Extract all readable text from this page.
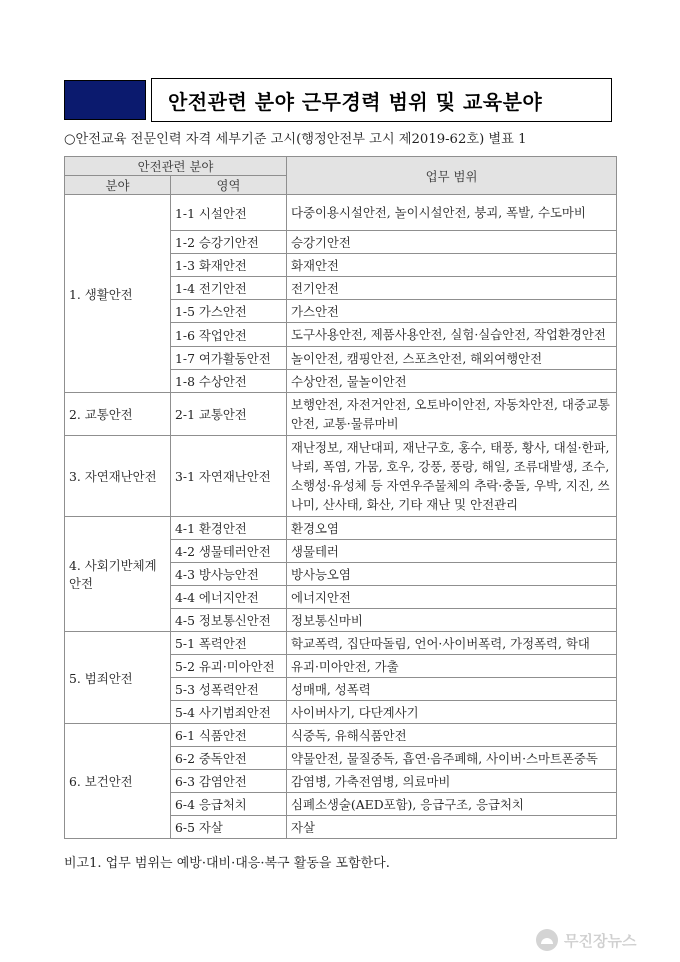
안전관련 분야 근무경력 범위 및 교육분야
○안전교육 전문인력 자격 세부기준 고시(행정안전부 고시 제2019-62호) 별표 1
안전관련 분야		업무 범위
분야	영역	
1. 생활안전	1-1 시설안전	다중이용시설안전, 놀이시설안전, 붕괴, 폭발, 수도마비
	1-2 승강기안전	승강기안전
	1-3 화재안전	화재안전
	1-4 전기안전	전기안전
	1-5 가스안전	가스안전
	1-6 작업안전	도구사용안전, 제품사용안전, 실험·실습안전, 작업환경안전
	1-7 여가활동안전	놀이안전, 캠핑안전, 스포츠안전, 해외여행안전
	1-8 수상안전	수상안전, 물놀이안전
2. 교통안전	2-1 교통안전	보행안전, 자전거안전, 오토바이안전, 자동차안전, 대중교통안전, 교통·물류마비
3. 자연재난안전	3-1 자연재난안전	재난정보, 재난대피, 재난구호, 홍수, 태풍, 황사, 대설·한파, 낙뢰, 폭염, 가뭄, 호우, 강풍, 풍랑, 해일, 조류대발생, 조수, 소행성·유성체 등 자연우주물체의 추락·충돌, 우박, 지진, 쓰나미, 산사태, 화산, 기타 재난 및 안전관리
4. 사회기반체계 안전	4-1 환경안전	환경오염
	4-2 생물테러안전	생물테러
	4-3 방사능안전	방사능오염
	4-4 에너지안전	에너지안전
	4-5 정보통신안전	정보통신마비
5. 범죄안전	5-1 폭력안전	학교폭력, 집단따돌림, 언어·사이버폭력, 가정폭력, 학대
	5-2 유괴·미아안전	유괴·미아안전, 가출
	5-3 성폭력안전	성매매, 성폭력
	5-4 사기범죄안전	사이버사기, 다단계사기
6. 보건안전	6-1 식품안전	식중독, 유해식품안전
	6-2 중독안전	약물안전, 물질중독, 흡연·음주폐해, 사이버·스마트폰중독
	6-3 감염안전	감염병, 가축전염병, 의료마비
	6-4 응급처치	심폐소생술(AED포함), 응급구조, 응급처치
	6-5 자살	자살
비고1. 업무 범위는 예방·대비·대응·복구 활동을 포함한다.
무진장뉴스
